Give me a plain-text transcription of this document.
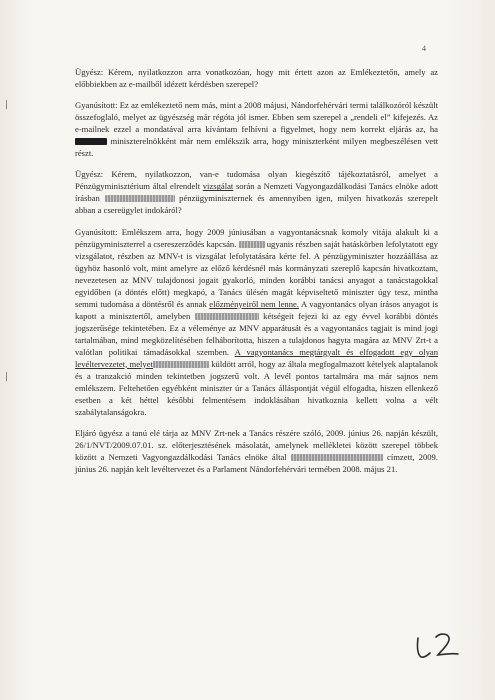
4

Ügyész: Kérem, nyilatkozzon arra vonatkozóan, hogy mit értett azon az Emlékeztetőn, amely az előbbiekben az e-mailből idézett kérdésben szerepel?

Gyanúsított: Ez az emlékeztető nem más, mint a 2008 májusi, Nándorfehérvári termi találkozóról készült összefoglaló, melyet az ügyészség már régóta jól ismer. Ebben sem szerepel a „rendeli el” kifejezés. Az e-mailnek ezzel a mondatával arra kívántam felhívni a figyelmet, hogy nem korrekt eljárás az, ha  miniszterelnökként már nem emlékszik arra, hogy miniszterként milyen megbeszélésen vett részt.

Ügyész: Kérem, nyilatkozzon, van-e tudomása olyan kiegészítő tájékoztatásról, amelyet a Pénzügyminisztérium által elrendelt vizsgálat során a Nemzeti Vagyongazdálkodási Tanács elnöke adott írásban	pénzügyminiszternek és amennyiben igen, milyen hivatkozás szerepelt abban a csereügylet indokáról?

Gyanúsított: Emlékszem arra, hogy 2009 júniusában a vagyontanácsnak komoly vitája alakult ki a pénzügyminiszterrel a csereszerződés kapcsán.	ugyanis részben saját hatáskörben lefolytatott egy vizsgálatot, részben az MNV-t is vizsgálat lefolytatására kérte fel. A pénzügyminiszter hozzáállása az ügyhöz hasonló volt, mint amelyre az előző kérdésnél más kormányzati szereplő kapcsán hivatkoztam, nevezetesen az MNV tulajdonosi jogait gyakorló, minden korábbi tanácsi anyagot a tanácstagokkal egyidőben (a döntés előtt) megkapó, a Tanács ülésén magát képviseltető miniszter úgy tesz, mintha semmi tudomása a döntésről és annak előzményeiről nem lenne. A vagyontanács olyan írásos anyagot is kapott a minisztertől, amelyben	kétségeit fejezi ki az egy évvel korábbi döntés jogszerűsége tekintetében. Ez a véleménye az MNV apparátusát és a vagyontanács tagjait is mind jogi tartalmában, mind megközelítésében felháborította, hiszen a tulajdonos hagyta magára az MNV Zrt-t a valótlan politikai támadásokkal szemben. A vagyontanács megtárgyalt és elfogadott egy olyan levéltervezetet, melyet	küldött arról, hogy az általa megfogalmazott kételyek alaptalanok és a tranzakció minden tekintetben jogszerű volt. A levél pontos tartalmára ma már sajnos nem emlékszem. Feltehetően egyébként miniszter úr a Tanács álláspontját végül elfogadta, hiszen ellenkező esetben a két héttel későbbi felmentésem indoklásában hivatkoznia kellett volna a vélt szabálytalanságokra.

Eljáró ügyész a tanú elé tárja az MNV Zrt-nek a Tanács részére szóló, 2009. június 26. napján készült, 26/1/NVT/2009.07.01. sz. előterjesztésének másolatát, amelynek mellékletei között szerepel többek között a Nemzeti Vagyongazdálkodási Tanács elnöke által	címzett, 2009. június 26. napján kelt levéltervezet és a Parlament Nándorfehérvári termében 2008. május 21.
